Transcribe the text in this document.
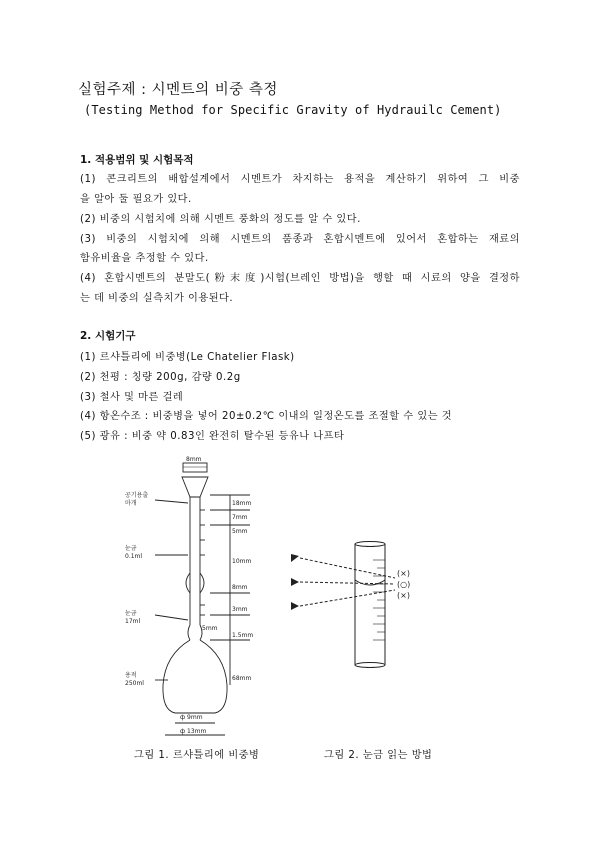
실험주제 : 시멘트의 비중 측정
(Testing Method for Specific Gravity of Hydrauilc Cement)
1. 적용범위 및 시험목적
(1) 콘크리트의 배합설계에서 시멘트가 차지하는 용적을 계산하기 위하여 그 비중
을 알아 둘 필요가 있다.
(2) 비중의 시험치에 의해 시멘트 풍화의 정도를 알 수 있다.
(3) 비중의 시험치에 의해 시멘트의 품종과 혼합시멘트에 있어서 혼합하는 재료의
함유비율을 추정할 수 있다.
(4) 혼합시멘트의 분말도(粉末度)시험(브레인 방법)을 행할 때 시료의 양을 결정하
는 데 비중의 실측치가 이용된다.
2. 시험기구
(1) 르샤틀리에 비중병(Le Chatelier Flask)
(2) 천평 : 칭량 200g, 감량 0.2g
(3) 철사 및 마른 걸레
(4) 항온수조 : 비중병을 넣어 20±0.2℃ 이내의 일정온도를 조절할 수 있는 것
(5) 광유 : 비중 약 0.83인 완전히 탈수된 등유나 나프타
8mm
18mm
7mm
5mm
10mm
8mm
3mm
1.5mm
68mm
ф 9mm
ф 13mm
5mm
공기용출
마개
눈금
0.1ml
눈금
17ml
용적
250ml
(×)
(○)
(×)
그림 1. 르샤틀리에 비중병	그림 2. 눈금 읽는 방법
